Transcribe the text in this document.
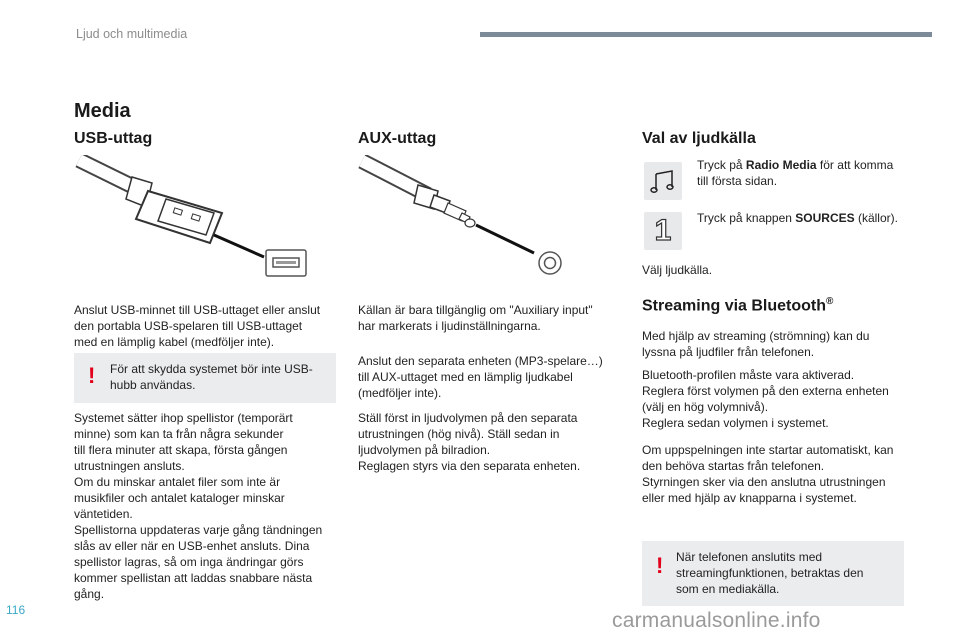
Ljud och multimedia
Media
USB-uttag
Anslut USB-minnet till USB-uttaget eller anslut
den portabla USB-spelaren till USB-uttaget
med en lämplig kabel (medföljer inte).
! För att skydda systemet bör inte USB-
hubb användas.
Systemet sätter ihop spellistor (temporärt
minne) som kan ta från några sekunder
till flera minuter att skapa, första gången
utrustningen ansluts.
Om du minskar antalet filer som inte är
musikfiler och antalet kataloger minskar
väntetiden.
Spellistorna uppdateras varje gång tändningen
slås av eller när en USB-enhet ansluts. Dina
spellistor lagras, så om inga ändringar görs
kommer spellistan att laddas snabbare nästa
gång.
AUX-uttag
Källan är bara tillgänglig om "Auxiliary input"
har markerats i ljudinställningarna.
Anslut den separata enheten (MP3-spelare…)
till AUX-uttaget med en lämplig ljudkabel
(medföljer inte).
Ställ först in ljudvolymen på den separata
utrustningen (hög nivå). Ställ sedan in
ljudvolymen på bilradion.
Reglagen styrs via den separata enheten.
Val av ljudkälla
Tryck på Radio Media för att komma
till första sidan.
1	Tryck på knappen SOURCES (källor).
Välj ljudkälla.
Streaming via Bluetooth®
Med hjälp av streaming (strömning) kan du
lyssna på ljudfiler från telefonen.
Bluetooth-profilen måste vara aktiverad.
Reglera först volymen på den externa enheten
(välj en hög volymnivå).
Reglera sedan volymen i systemet.
Om uppspelningen inte startar automatiskt, kan
den behöva startas från telefonen.
Styrningen sker via den anslutna utrustningen
eller med hjälp av knapparna i systemet.
! När telefonen anslutits med
streamingfunktionen, betraktas den
som en mediakälla.
116	carmanualsonline.info
